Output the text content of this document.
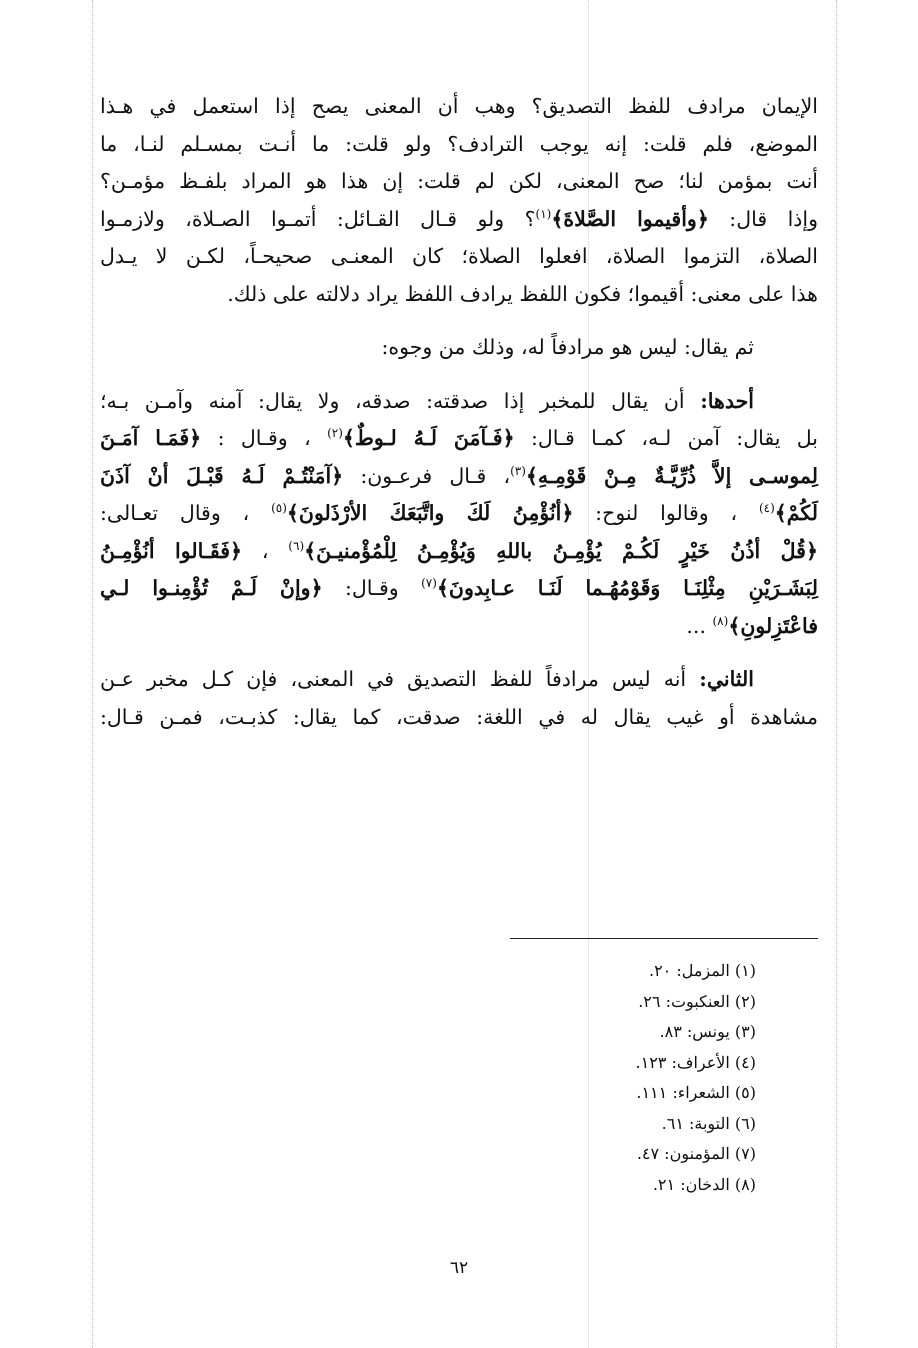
الإيمان مرادف للفظ التصديق؟ وهب أن المعنى يصح إذا استعمل في هـذا
الموضع، فلم قلت: إنه يوجب الترادف؟ ولو قلت: ما أنـت بمسـلم لنـا، ما
أنت بمؤمن لنا؛ صح المعنى، لكن لم قلت: إن هذا هو المراد بلفـظ مؤمـن؟
وإذا قال: ﴿وأقيموا الصَّلاةَ﴾$^{(١)}$؟ ولو قـال القـائل: أتمـوا الصـلاة، ولازمـوا
الصلاة، التزموا الصلاة، افعلوا الصلاة؛ كان المعنـى صحيحـاً، لكـن لا يـدل
هذا على معنى: أقيموا؛ فكون اللفظ يرادف اللفظ يراد دلالته على ذلك.

ثم يقال: ليس هو مرادفاً له، وذلك من وجوه:

أحدها: أن يقال للمخبر إذا صدقته: صدقه، ولا يقال: آمنه وآمـن بـه؛
بل يقال: آمن لـه، كمـا قـال: ﴿فَـآمَنَ لَـهُ لـوطٌ﴾$^{(٢)}$ ، وقـال : ﴿فَمَـا آمَـنَ
لِموسـى إلاَّ ذُرِّيَّـةٌ مِـنْ قَوْمِـهِ﴾$^{(٣)}$، قـال فرعـون: ﴿آمَنْتُـمْ لَـهُ قَبْـلَ أنْ آذَنَ
لَكُمْ﴾$^{(٤)}$ ، وقالوا لنوح: ﴿أنُؤْمِنُ لَكَ واتَّبَعَكَ الأرْذَلونَ﴾$^{(٥)}$ ، وقال تعـالى:
﴿قُلْ أذُنُ خَيْرٍ لَكُـمْ يُؤْمِـنُ باللهِ وَيُؤْمِـنُ لِلْمُؤْمنيـنَ﴾$^{(٦)}$ ، ﴿فَقَـالوا أنُؤْمِـنُ
لِبَشَـرَيْنِ مِثْلِنَـا وَقَوْمُهُـما لَنَـا عـابِدونَ﴾$^{(٧)}$ وقـال: ﴿وإنْ لَـمْ تُؤْمِنـوا لـي
فاعْتَزِلونِ﴾$^{(٨)}$ ...

الثاني: أنه ليس مرادفاً للفظ التصديق في المعنى، فإن كـل مخبر عـن
مشاهدة أو غيب يقال له في اللغة: صدقت، كما يقال: كذبـت، فمـن قـال:

(١) المزمل: ٢٠.
(٢) العنكبوت: ٢٦.
(٣) يونس: ٨٣.
(٤) الأعراف: ١٢٣.
(٥) الشعراء: ١١١.
(٦) التوبة: ٦١.
(٧) المؤمنون: ٤٧.
(٨) الدخان: ٢١.
٦٢
